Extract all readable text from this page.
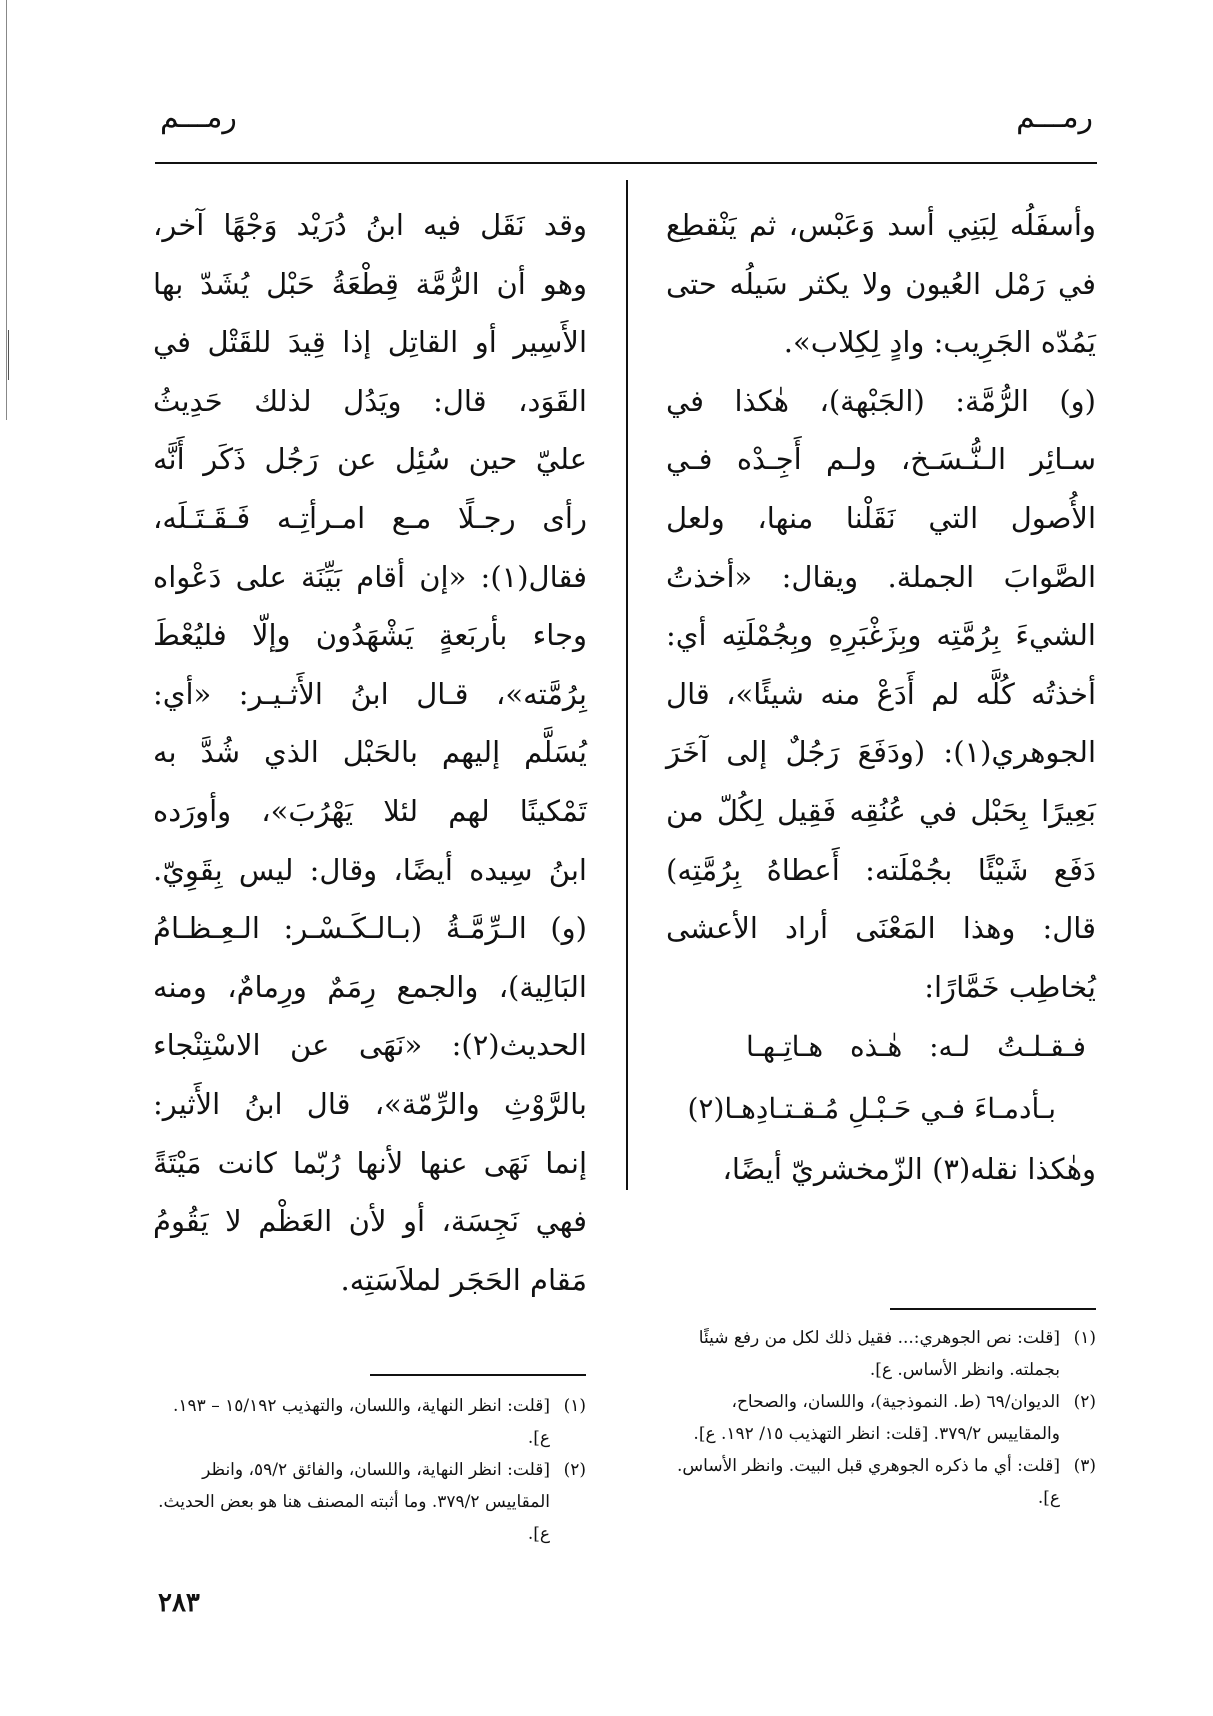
رمـــم
رمـــم
وأسفَلُه لِبَنِي أسد وَعَبْس، ثم يَنْقطِع
في رَمْل العُيون ولا يكثر سَيلُه حتى
يَمُدّه الجَرِيب: وادٍ لِكِلاب».
(و) الرُّمَّة: (الجَبْهة)، هٰكذا في
سـائِر الـنُّـسَـخ، ولـم أَجِـدْه فـي
الأُصول التي نَقَلْنا منها، ولعل
الصَّوابَ الجملة. ويقال: «أخذتُ
الشيءَ بِرُمَّتِه وبِزَغْبَرِهِ وبِجُمْلَتِه أي:
أخذتُه كُلَّه لم أَدَعْ منه شيئًا»، قال
الجوهري(١): (ودَفَعَ رَجُلٌ إلى آخَرَ
بَعِيرًا بِحَبْل في عُنُقِه فَقِيل لِكُلّ من
دَفَع شَيْئًا بجُمْلَته: أَعطاهُ بِرُمَّتِه)
قال: وهذا المَعْنَى أراد الأعشى
يُخاطِب خَمَّارًا:
فـقـلـتُ لـه: هٰـذه هـاتِـهـا
بـأدمـاءَ فـي حَـبْـلِ مُـقـتـادِهـا(٢)
وهٰكذا نقله(٣) الزّمخشريّ أيضًا،
وقد نَقَل فيه ابنُ دُرَيْد وَجْهًا آخر،
وهو أن الرُّمَّة قِطْعَةُ حَبْل يُشَدّ بها
الأَسِير أو القاتِل إذا قِيدَ للقَتْل في
القَوَد، قال: ويَدُل لذلك حَدِيثُ
عليّ حين سُئِل عن رَجُل ذَكَر أَنَّه
رأى رجـلًا مـع امـرأتِـه فَـقَـتَـلَه،
فقال(١): «إن أقام بَيِّنَة على دَعْواه
وجاء بأربَعةٍ يَشْهَدُون وإلّا فليُعْطَ
بِرُمَّته»، قـال ابنُ الأَثـيـر: «أي:
يُسَلَّم إليهم بالحَبْل الذي شُدَّ به
تَمْكينًا لهم لئلا يَهْرُبَ»، وأورَده
ابنُ سِيده أيضًا، وقال: ليس بِقَوِيّ.
(و) الـرِّمَّـةُ (بـالـكَـسْـر: الـعِـظـامُ
البَالِية)، والجمع رِمَمٌ ورِمامٌ، ومنه
الحديث(٢): «نَهَى عن الاسْتِنْجاء
بالرَّوْثِ والرِّمّة»، قال ابنُ الأَثير:
إنما نَهَى عنها لأنها رُبّما كانت مَيْتَةً
فهي نَجِسَة، أو لأن العَظْم لا يَقُومُ
مَقام الحَجَر لملاَسَتِه.
(١)
[قلت: نص الجوهري:... فقيل ذلك لكل من رفع شيئًا بجملته. وانظر الأساس. ع].
(٢)
الديوان/٦٩ (ط. النموذجية)، واللسان، والصحاح، والمقاييس ٣٧٩/٢. [قلت: انظر التهذيب ١٥/ ١٩٢. ع].
(٣)
[قلت: أي ما ذكره الجوهري قبل البيت. وانظر الأساس. ع].
(١)
[قلت: انظر النهاية، واللسان، والتهذيب ١٥/١٩٢ – ١٩٣. ع].
(٢)
[قلت: انظر النهاية، واللسان، والفائق ٥٩/٢، وانظر المقاييس ٣٧٩/٢. وما أثبته المصنف هنا هو بعض الحديث. ع].
٢٨٣
